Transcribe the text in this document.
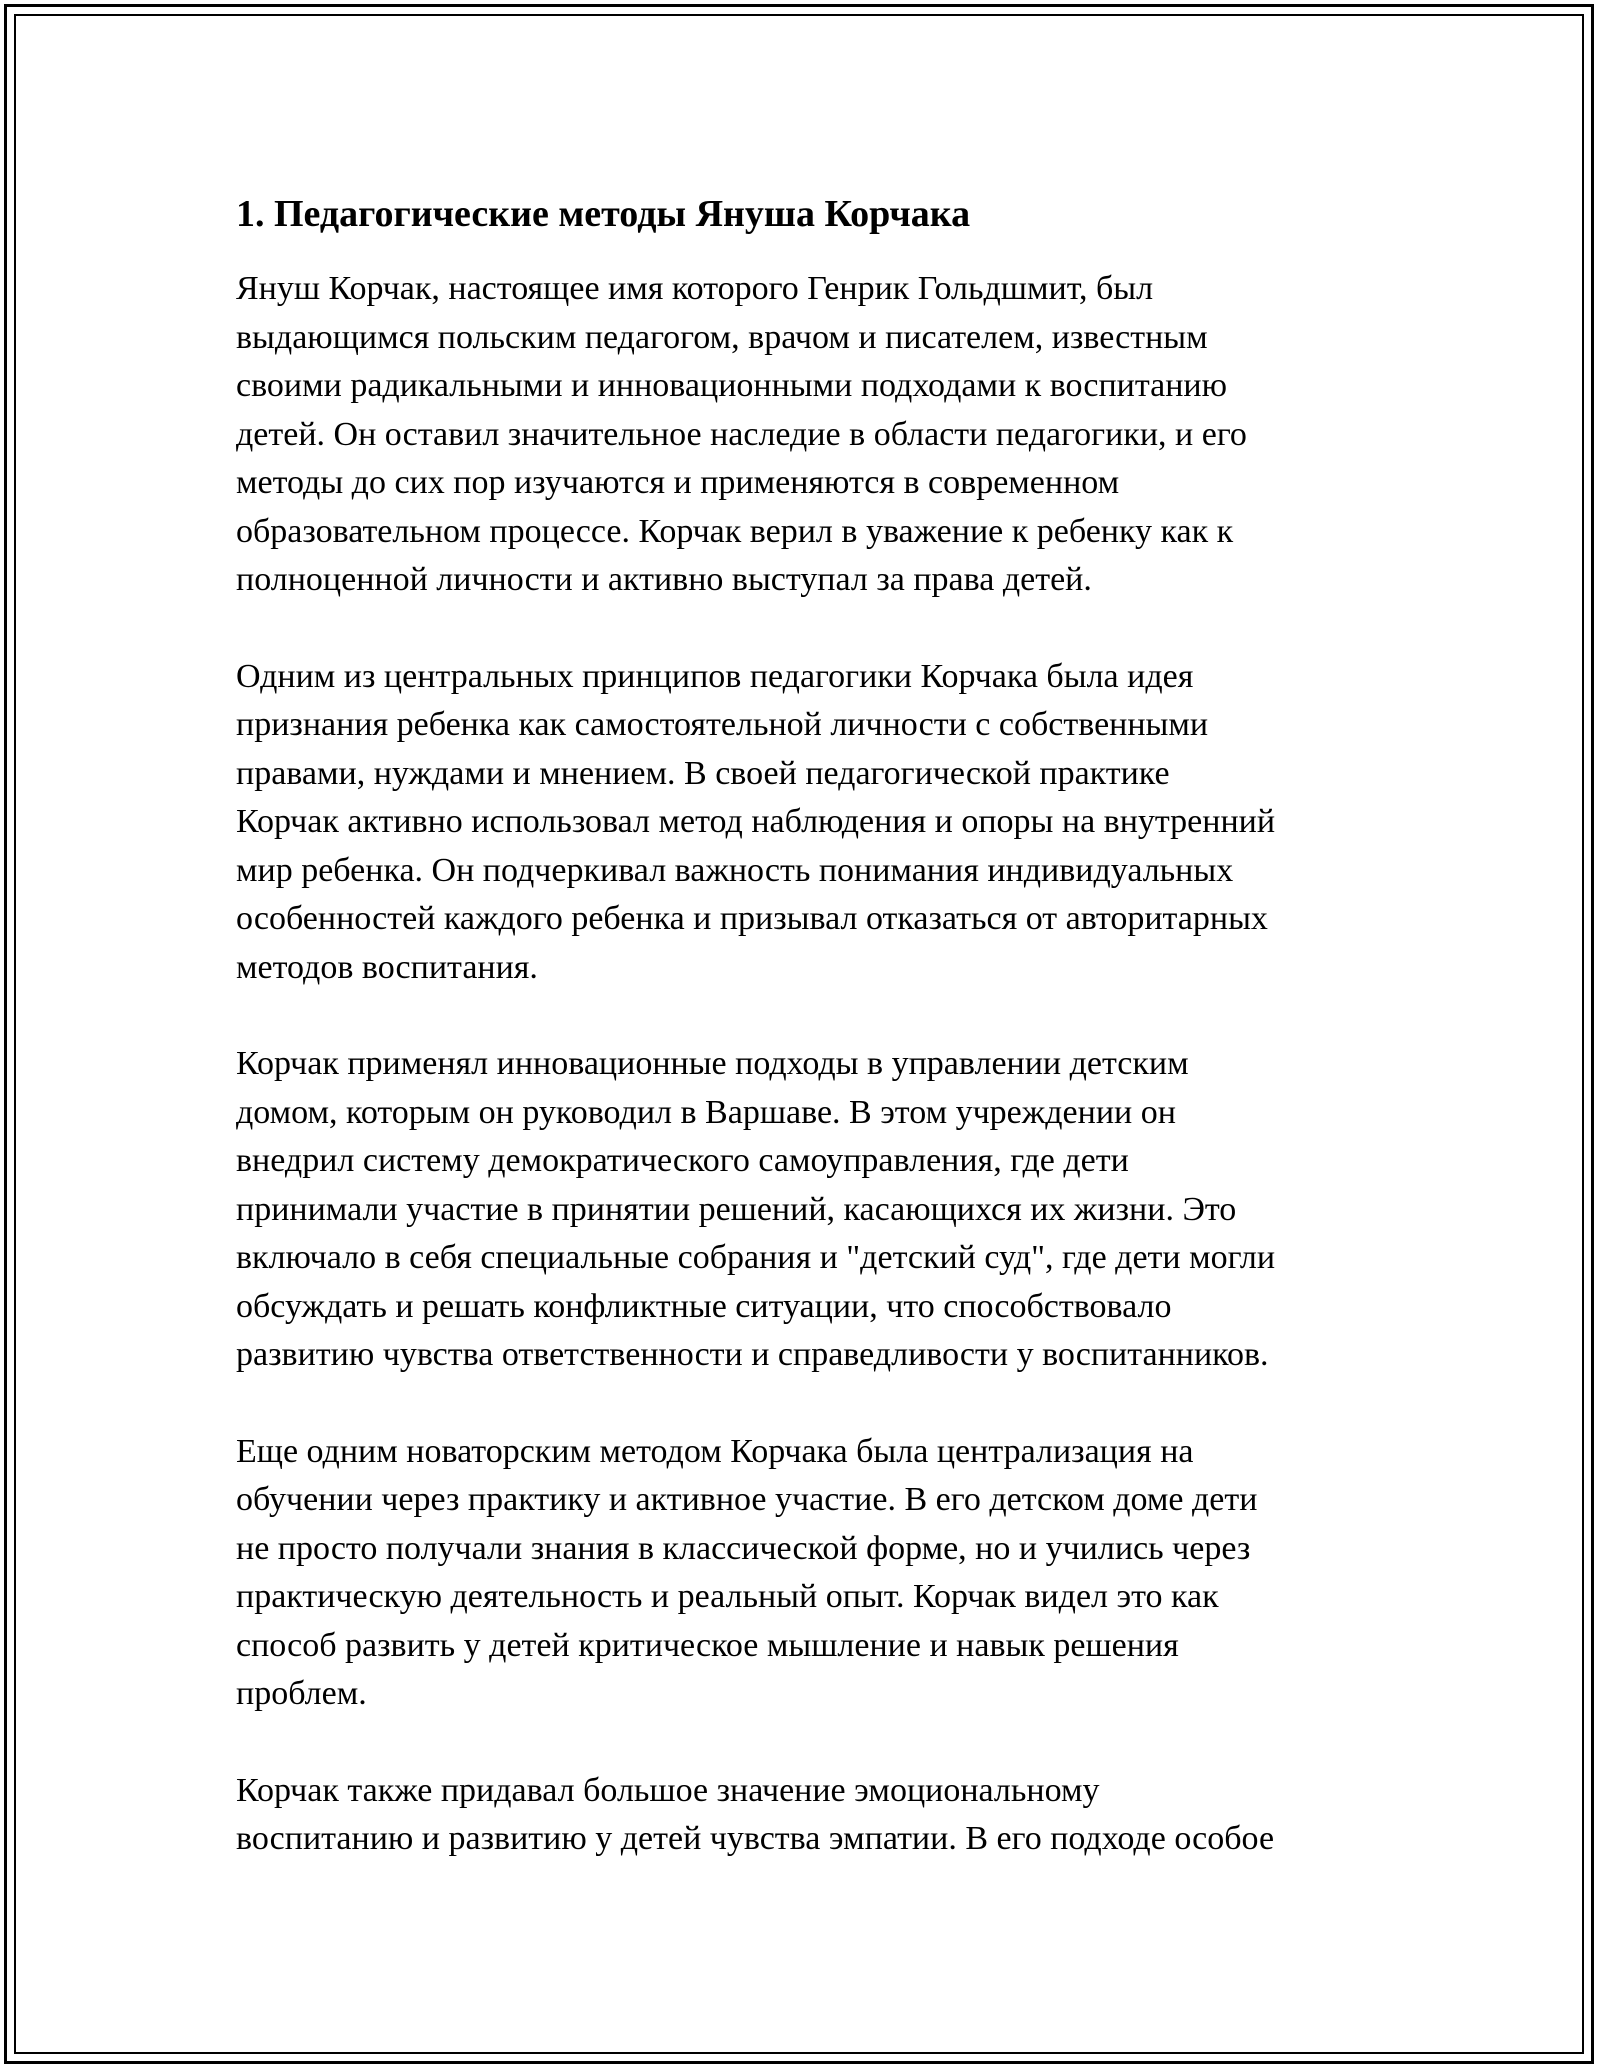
1. Педагогические методы Януша Корчака
Януш Корчак, настоящее имя которого Генрик Гольдшмит, был
выдающимся польским педагогом, врачом и писателем, известным
своими радикальными и инновационными подходами к воспитанию
детей. Он оставил значительное наследие в области педагогики, и его
методы до сих пор изучаются и применяются в современном
образовательном процессе. Корчак верил в уважение к ребенку как к
полноценной личности и активно выступал за права детей.
Одним из центральных принципов педагогики Корчака была идея
признания ребенка как самостоятельной личности с собственными
правами, нуждами и мнением. В своей педагогической практике
Корчак активно использовал метод наблюдения и опоры на внутренний
мир ребенка. Он подчеркивал важность понимания индивидуальных
особенностей каждого ребенка и призывал отказаться от авторитарных
методов воспитания.
Корчак применял инновационные подходы в управлении детским
домом, которым он руководил в Варшаве. В этом учреждении он
внедрил систему демократического самоуправления, где дети
принимали участие в принятии решений, касающихся их жизни. Это
включало в себя специальные собрания и "детский суд", где дети могли
обсуждать и решать конфликтные ситуации, что способствовало
развитию чувства ответственности и справедливости у воспитанников.
Еще одним новаторским методом Корчака была централизация на
обучении через практику и активное участие. В его детском доме дети
не просто получали знания в классической форме, но и учились через
практическую деятельность и реальный опыт. Корчак видел это как
способ развить у детей критическое мышление и навык решения
проблем.
Корчак также придавал большое значение эмоциональному
воспитанию и развитию у детей чувства эмпатии. В его подходе особое
